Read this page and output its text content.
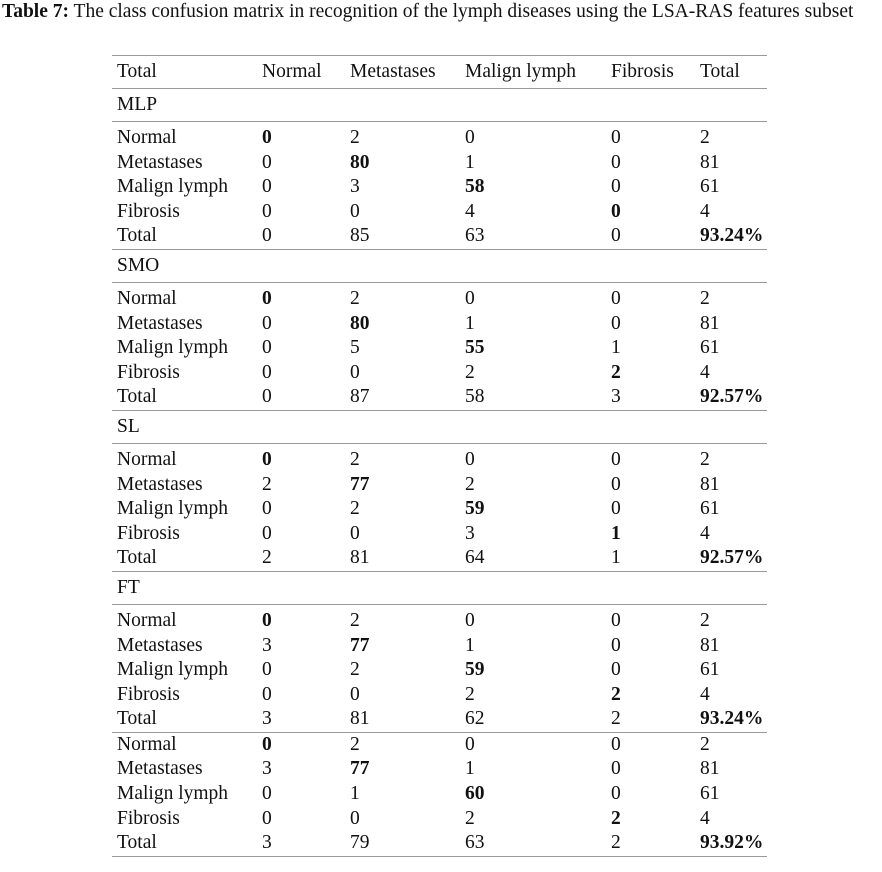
Table 7: The class confusion matrix in recognition of the lymph diseases using the LSA-RAS features subset
Total	Normal	Metastases	Malign lymph	Fibrosis	Total
MLP					
Normal	0	2	0	0	2
Metastases	0	80	1	0	81
Malign lymph	0	3	58	0	61
Fibrosis	0	0	4	0	4
Total	0	85	63	0	93.24%
SMO					
Normal	0	2	0	0	2
Metastases	0	80	1	0	81
Malign lymph	0	5	55	1	61
Fibrosis	0	0	2	2	4
Total	0	87	58	3	92.57%
SL					
Normal	0	2	0	0	2
Metastases	2	77	2	0	81
Malign lymph	0	2	59	0	61
Fibrosis	0	0	3	1	4
Total	2	81	64	1	92.57%
FT					
Normal	0	2	0	0	2
Metastases	3	77	1	0	81
Malign lymph	0	2	59	0	61
Fibrosis	0	0	2	2	4
Total	3	81	62	2	93.24%
Normal	0	2	0	0	2
Metastases	3	77	1	0	81
Malign lymph	0	1	60	0	61
Fibrosis	0	0	2	2	4
Total	3	79	63	2	93.92%
